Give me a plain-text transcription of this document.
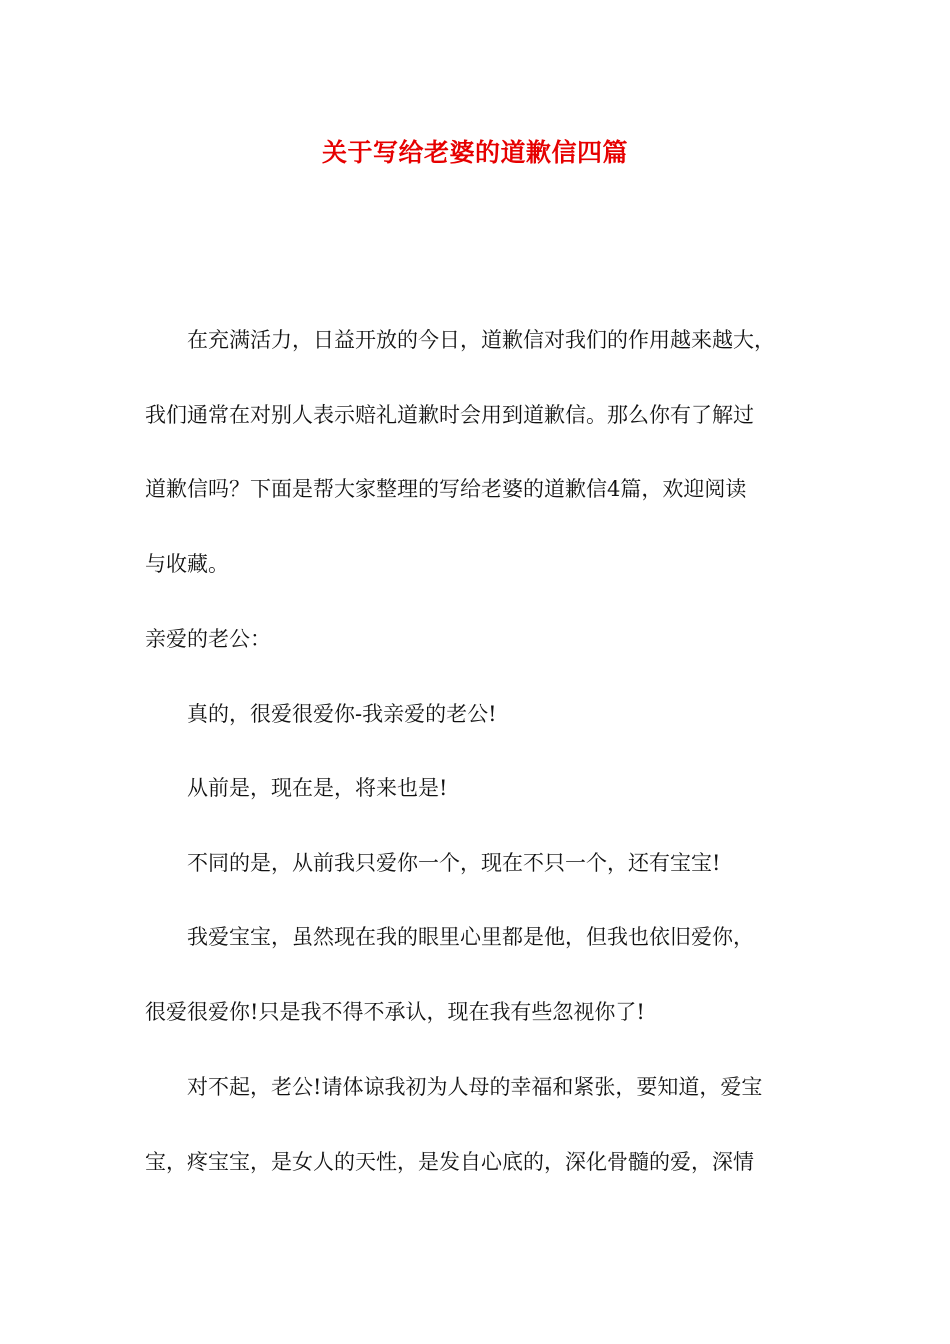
关于写给老婆的道歉信四篇
　　在充满活力，日益开放的今日，道歉信对我们的作用越来越大，
我们通常在对别人表示赔礼道歉时会用到道歉信。那么你有了解过
道歉信吗？下面是帮大家整理的写给老婆的道歉信4篇，欢迎阅读
与收藏。
亲爱的老公：
　　真的，很爱很爱你-我亲爱的老公!
　　从前是，现在是，将来也是!
　　不同的是，从前我只爱你一个，现在不只一个，还有宝宝!
　　我爱宝宝，虽然现在我的眼里心里都是他，但我也依旧爱你，
很爱很爱你!只是我不得不承认，现在我有些忽视你了!
　　对不起，老公!请体谅我初为人母的幸福和紧张，要知道，爱宝
宝，疼宝宝，是女人的天性，是发自心底的，深化骨髓的爱，深情
